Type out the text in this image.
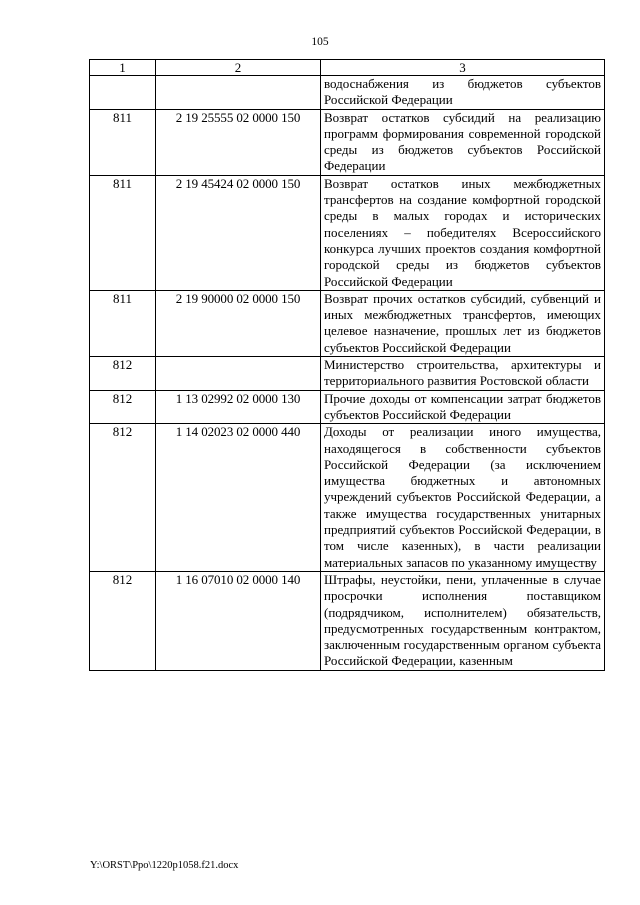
105
1	2	3
		водоснабжения из бюджетов субъектов Российской Федерации
811	2 19 25555 02 0000 150	Возврат остатков субсидий на реализацию программ формирования современной городской среды из бюджетов субъектов Российской Федерации
811	2 19 45424 02 0000 150	Возврат остатков иных межбюджетных трансфертов на создание комфортной городской среды в малых городах и исторических поселениях – победителях Всероссийского конкурса лучших проектов создания комфортной городской среды из бюджетов субъектов Российской Федерации
811	2 19 90000 02 0000 150	Возврат прочих остатков субсидий, субвенций и иных межбюджетных трансфертов, имеющих целевое назначение, прошлых лет из бюджетов субъектов Российской Федерации
812		Министерство строительства, архитектуры и территориального развития Ростовской области
812	1 13 02992 02 0000 130	Прочие доходы от компенсации затрат бюджетов субъектов Российской Федерации
812	1 14 02023 02 0000 440	Доходы от реализации иного имущества, находящегося в собственности субъектов Российской Федерации (за исключением имущества бюджетных и автономных учреждений субъектов Российской Федерации, а также имущества государственных унитарных предприятий субъектов Российской Федерации, в том числе казенных), в части реализации материальных запасов по указанному имуществу
812	1 16 07010 02 0000 140	Штрафы, неустойки, пени, уплаченные в случае просрочки исполнения поставщиком (подрядчиком, исполнителем) обязательств, предусмотренных государственным контрактом, заключенным государственным органом субъекта Российской Федерации, казенным
Y:\ORST\Ppo\1220p1058.f21.docx
